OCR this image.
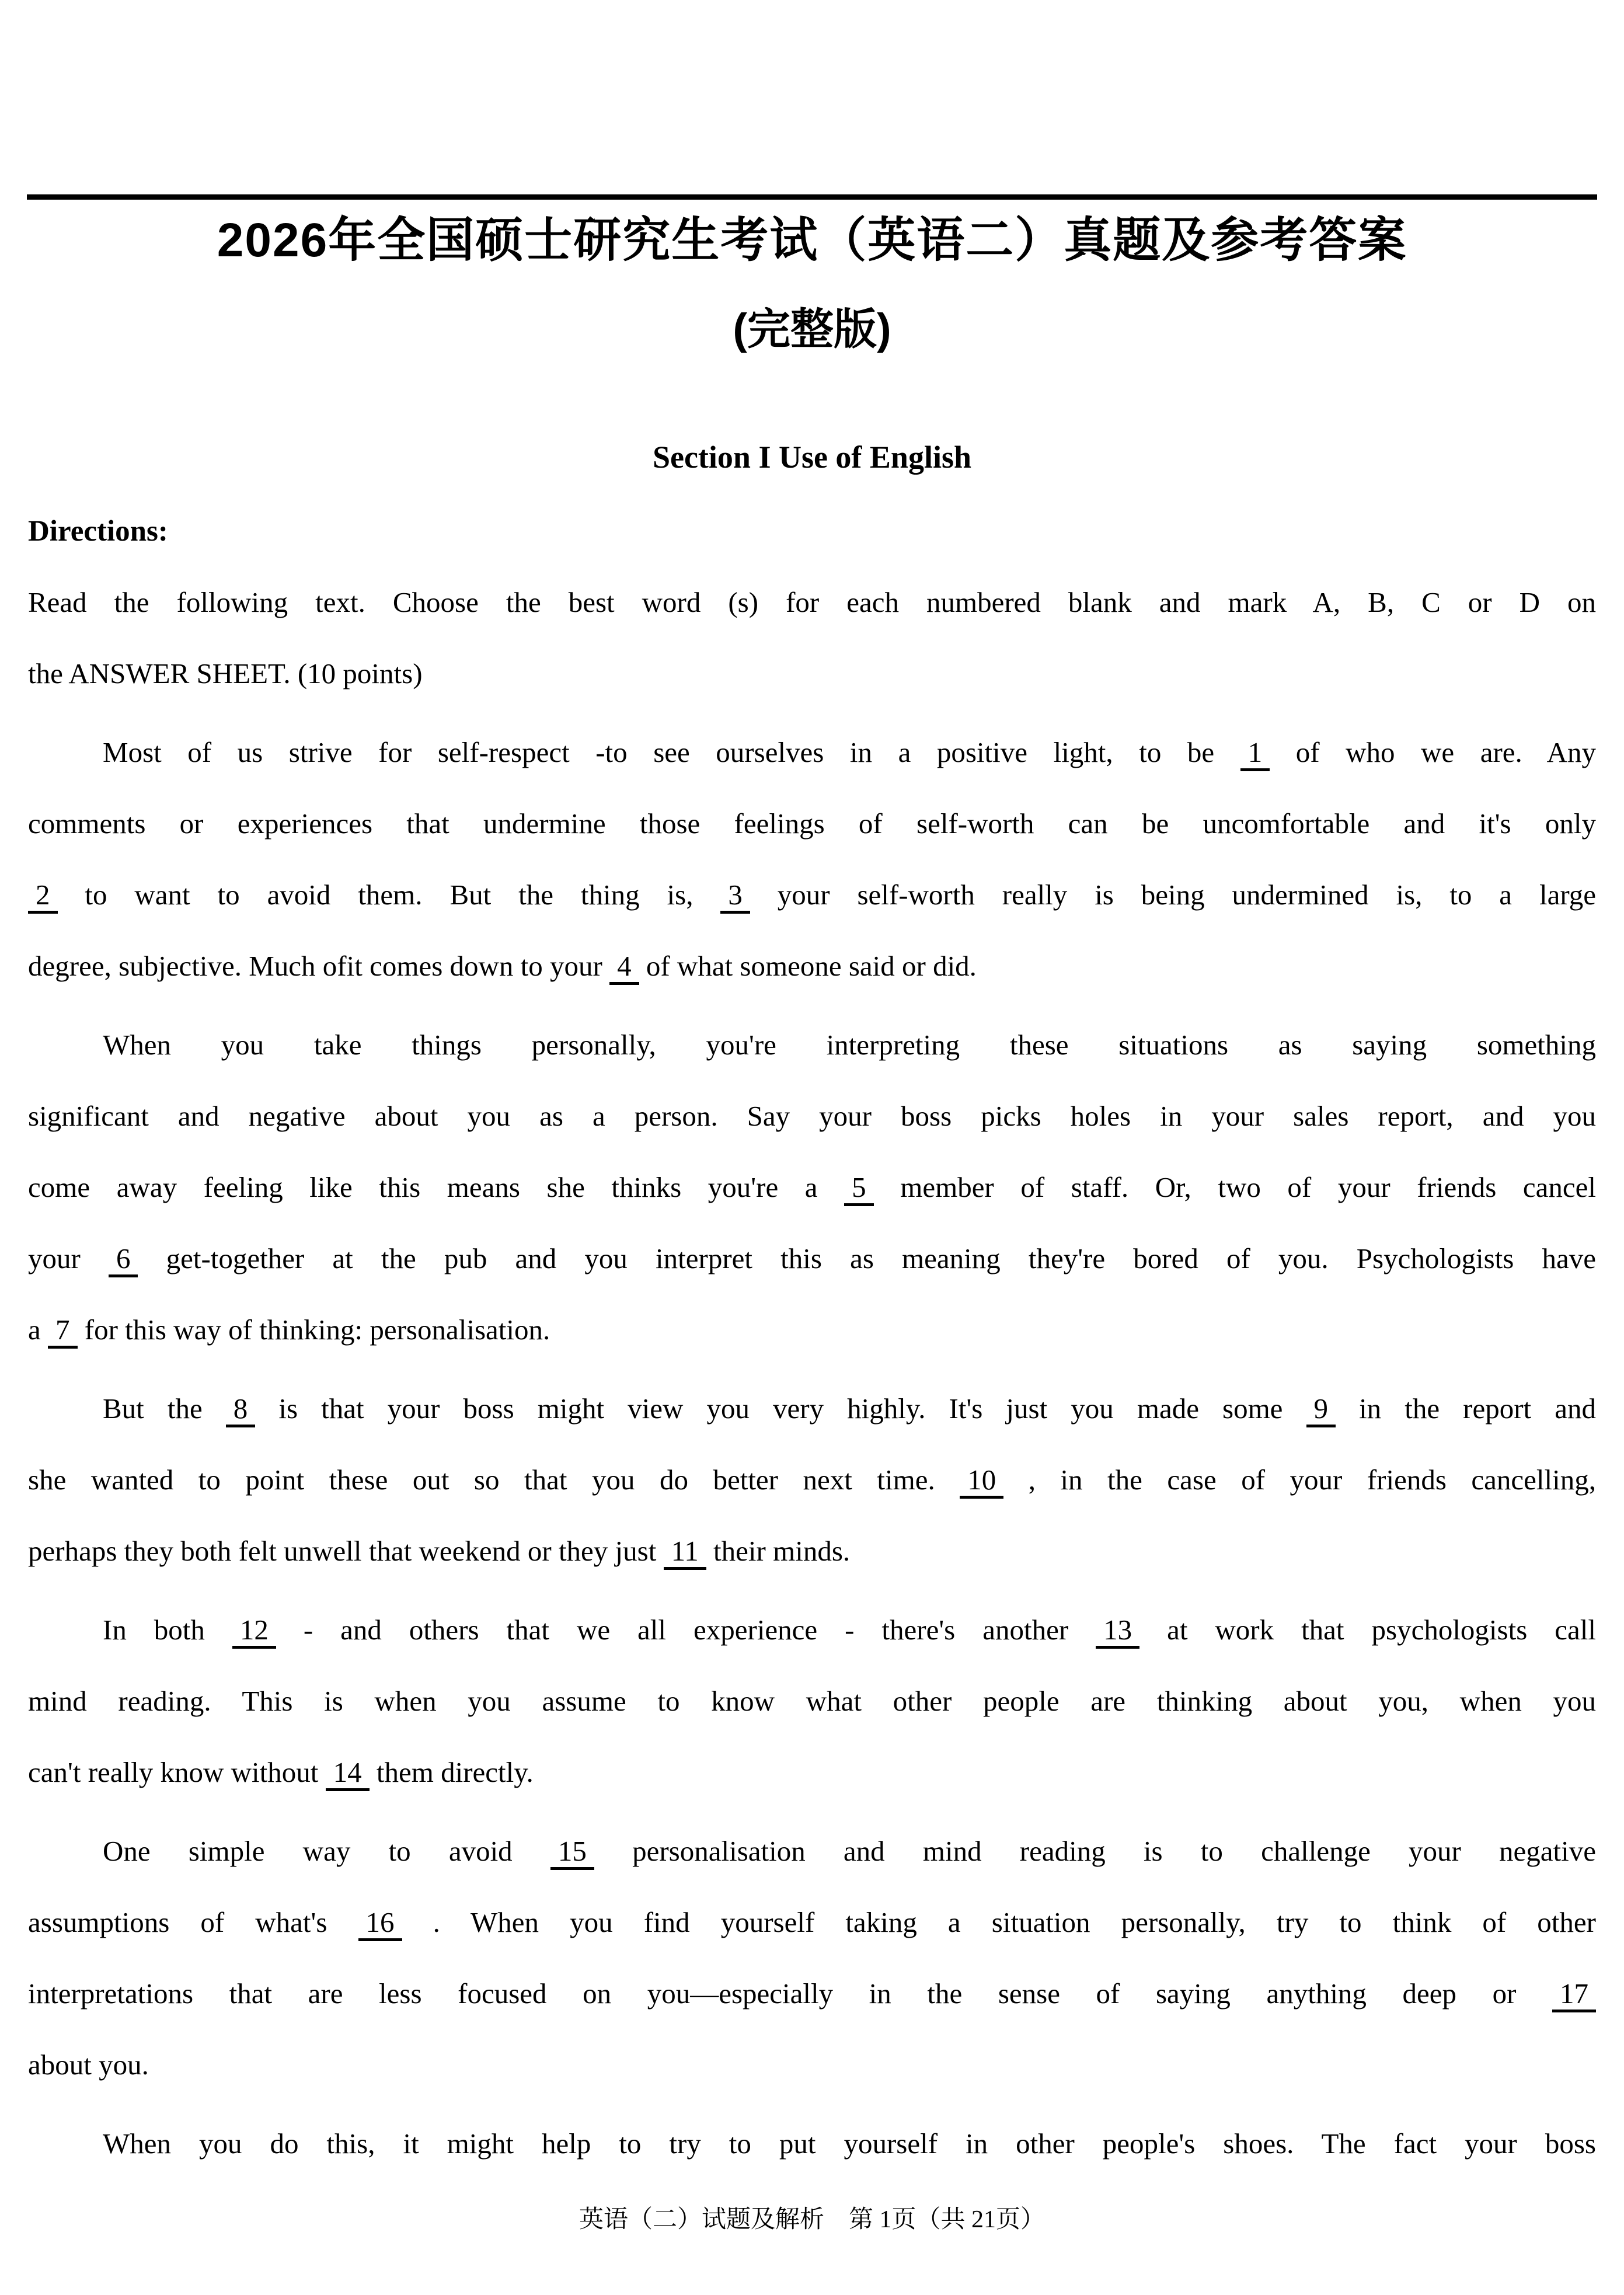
2026年全国硕士研究生考试（英语二）真题及参考答案
(完整版)
Section I Use of English
Directions:
Read the following text. Choose the best word (s) for each numbered blank and mark A, B, C or D on
the ANSWER SHEET. (10 points)
Most of us strive for self-respect -to see ourselves in a positive light, to be 1 of who we are. Any
comments or experiences that undermine those feelings of self-worth can be uncomfortable and it's only
2 to want to avoid them. But the thing is, 3 your self-worth really is being undermined is, to a large
degree, subjective. Much ofit comes down to your 4 of what someone said or did.
When you take things personally, you're interpreting these situations as saying something
significant and negative about you as a person. Say your boss picks holes in your sales report, and you
come away feeling like this means she thinks you're a 5 member of staff. Or, two of your friends cancel
your 6 get-together at the pub and you interpret this as meaning they're bored of you. Psychologists have
a 7 for this way of thinking: personalisation.
But the 8 is that your boss might view you very highly. It's just you made some 9 in the report and
she wanted to point these out so that you do better next time. 10 , in the case of your friends cancelling,
perhaps they both felt unwell that weekend or they just 11 their minds.
In both 12 - and others that we all experience - there's another 13 at work that psychologists call
mind reading. This is when you assume to know what other people are thinking about you, when you
can't really know without 14 them directly.
One simple way to avoid 15 personalisation and mind reading is to challenge your negative
assumptions of what's 16 . When you find yourself taking a situation personally, try to think of other
interpretations that are less focused on you—especially in the sense of saying anything deep or 17
about you.
When you do this, it might help to try to put yourself in other people's shoes. The fact your boss
英语（二）试题及解析　第 1页（共 21页）
